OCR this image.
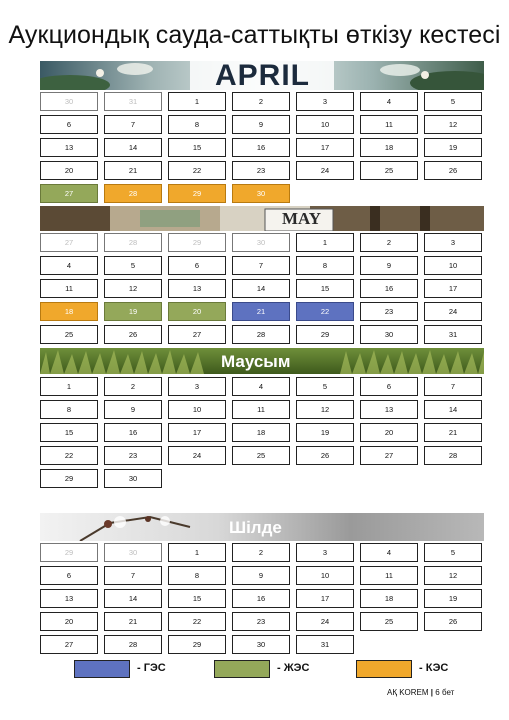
Аукциондық сауда-саттықты өткізу кестесі
APRIL
30	31	1	2	3	4	5
6	7	8	9	10	11	12
13	14	15	16	17	18	19
20	21	22	23	24	25	26
27	28	29	30
MAY
27	28	29	30	1	2	3
4	5	6	7	8	9	10
11	12	13	14	15	16	17
18	19	20	21	22	23	24
25	26	27	28	29	30	31
Маусым
1	2	3	4	5	6	7
8	9	10	11	12	13	14
15	16	17	18	19	20	21
22	23	24	25	26	27	28
29	30
Шілде
29	30	1	2	3	4	5
6	7	8	9	10	11	12
13	14	15	16	17	18	19
20	21	22	23	24	25	26
27	28	29	30	31
- ГЭС	- ЖЭС	- КЭС
АҚ KOREM | 6 бет
